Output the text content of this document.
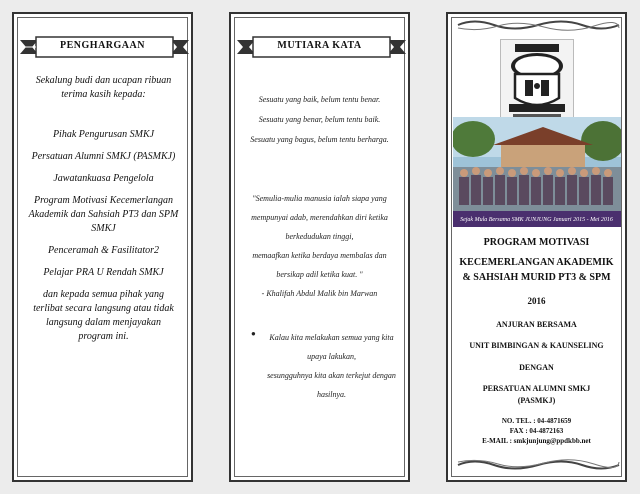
PENGHARGAAN

Sekalung budi dan ucapan ribuan

terima kasih kepada:

Pihak Pengurusan SMKJ

Persatuan Alumni SMKJ (PASMKJ)

Jawatankuasa Pengelola

Program Motivasi Kecemerlangan Akademik dan Sahsiah PT3 dan SPM SMKJ

Penceramah & Fasilitator2

Pelajar PRA U Rendah SMKJ

dan kepada semua pihak yang terlibat secara langsung atau tidak langsung dalam menjayakan program ini.

MUTIARA KATA

Sesuatu yang baik, belum tentu benar.

Sesuatu yang benar, belum tentu baik.

Sesuatu yang bagus, belum tentu berharga.

"Semulia-mulia manusia ialah siapa yang
mempunyai adab, merendahkan diri ketika
berkedudukan tinggi,
memaafkan ketika berdaya membalas dan
bersikap adil ketika kuat. "
- Khalifah Abdul Malik bin Marwan
●	Kalau kita melakukan semua yang kita
upaya lakukan,
sesungguhnya kita akan terkejut dengan
hasilnya.
Sejak Mula Bersama SMK JUNJUNG Januari 2015 - Mei 2016
PROGRAM MOTIVASI
KECEMERLANGAN AKADEMIK
& SAHSIAH MURID PT3 & SPM
2016
ANJURAN BERSAMA
UNIT BIMBINGAN & KAUNSELING
DENGAN
PERSATUAN ALUMNI SMKJ
(PASMKJ)
NO. TEL. : 04-4871659
FAX : 04-4872163
E-MAIL : smkjunjung@ppdkbb.net
